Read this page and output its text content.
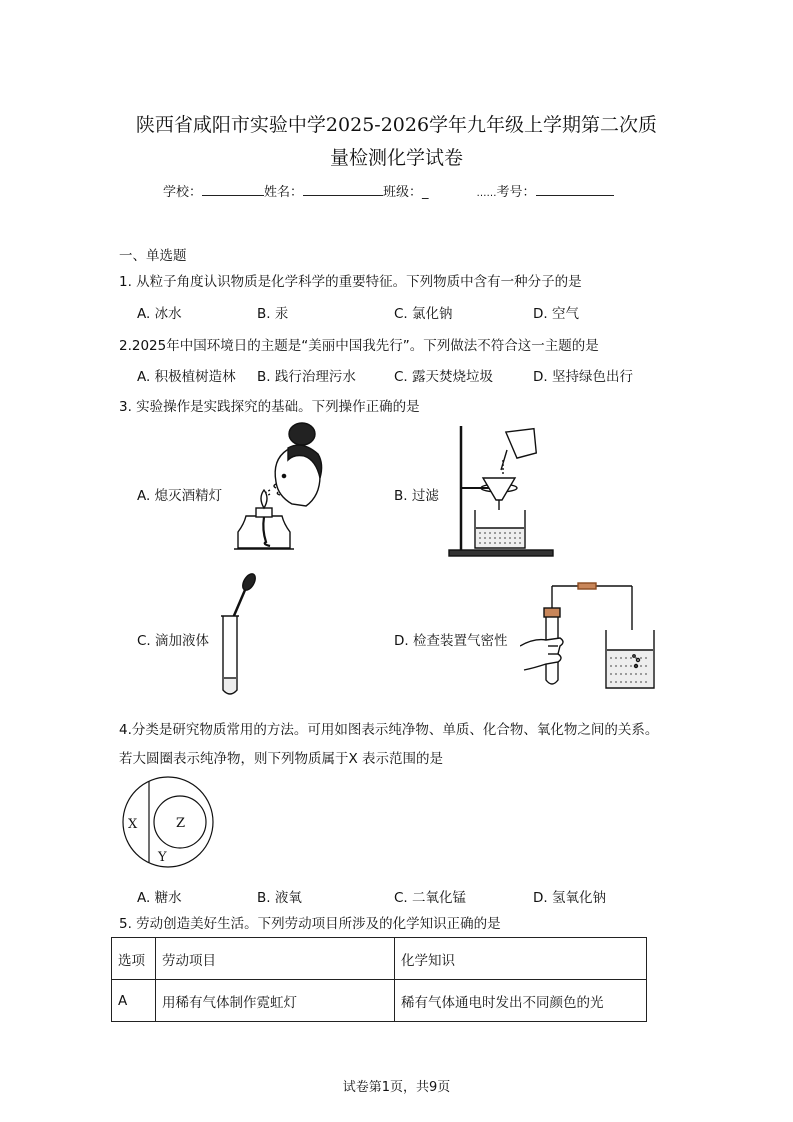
陕西省咸阳市实验中学2025-2026学年九年级上学期第二次质
量检测化学试卷
学校：	姓名：	班级：_	……考号：
一、单选题
1. 从粒子角度认识物质是化学科学的重要特征。下列物质中含有一种分子的是
A. 冰水	B. 汞	C. 氯化钠	D. 空气
2.2025年中国环境日的主题是“美丽中国我先行”。下列做法不符合这一主题的是
A. 积极植树造林 B. 践行治理污水	C. 露天焚烧垃圾	D. 坚持绿色出行
3. 实验操作是实践探究的基础。下列操作正确的是
A. 熄灭酒精灯	B. 过滤
C. 滴加液体	D. 检查装置气密性
4.分类是研究物质常用的方法。可用如图表示纯净物、单质、化合物、氧化物之间的关系。
若大圆圈表示纯净物，则下列物质属于X 表示范围的是
X	Z
Y
A. 糖水	B. 液氧	C. 二氧化锰	D. 氢氧化钠
5. 劳动创造美好生活。下列劳动项目所涉及的化学知识正确的是
选项	劳动项目	化学知识
A	用稀有气体制作霓虹灯	稀有气体通电时发出不同颜色的光
试卷第1页，共9页
